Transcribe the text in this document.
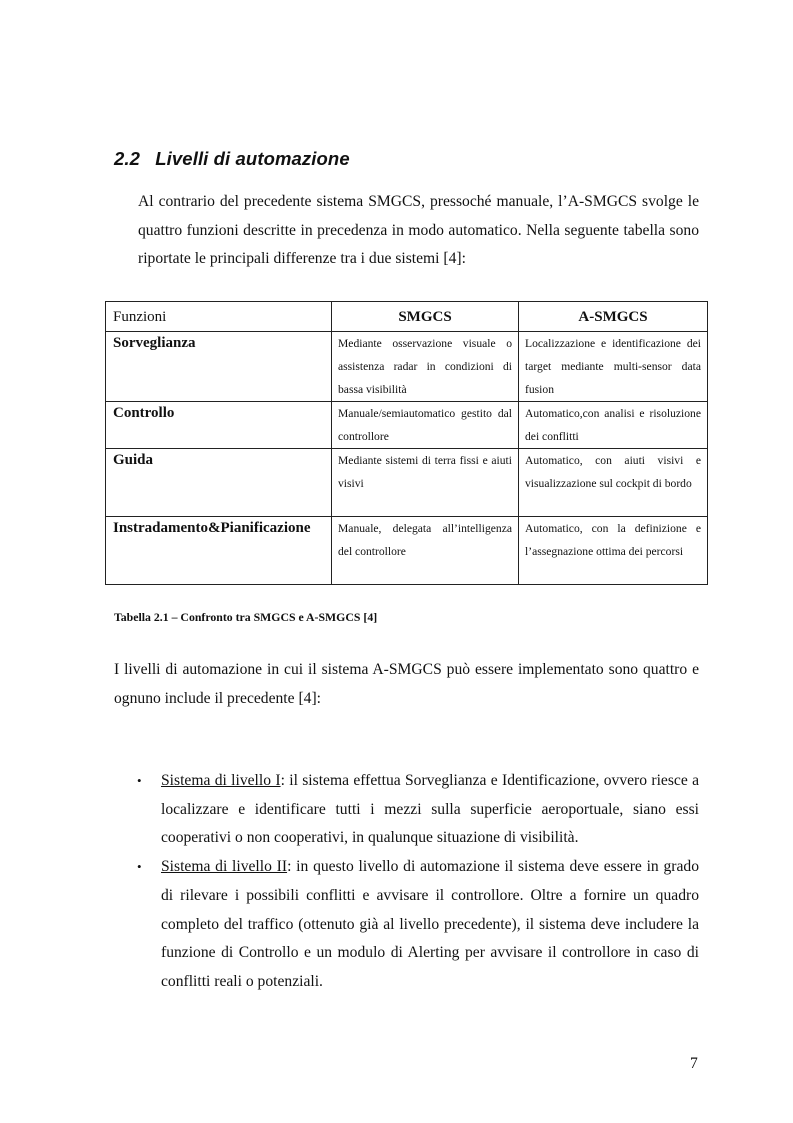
2.2 Livelli di automazione

Al contrario del precedente sistema SMGCS, pressoché manuale, l’A-SMGCS svolge le quattro funzioni descritte in precedenza in modo automatico. Nella seguente tabella sono riportate le principali differenze tra i due sistemi [4]:

Funzioni	SMGCS	A-SMGCS
Sorveglianza	Mediante osservazione visuale o assistenza radar in condizioni di bassa visibilità	Localizzazione e identificazione dei target mediante multi-sensor data fusion
Controllo	Manuale/semiautomatico gestito dal controllore	Automatico,con analisi e risoluzione dei conflitti
Guida	Mediante sistemi di terra fissi e aiuti visivi	Automatico, con aiuti visivi e visualizzazione sul cockpit di bordo
Instradamento&Pianificazione	Manuale, delegata all’intelligenza del controllore	Automatico, con la definizione e l’assegnazione ottima dei percorsi
Tabella 2.1 – Confronto tra SMGCS e A-SMGCS [4]

I livelli di automazione in cui il sistema A-SMGCS può essere implementato sono quattro e ognuno include il precedente [4]:

• Sistema di livello I: il sistema effettua Sorveglianza e Identificazione, ovvero riesce a localizzare e identificare tutti i mezzi sulla superficie aeroportuale, siano essi cooperativi o non cooperativi, in qualunque situazione di visibilità.
• Sistema di livello II: in questo livello di automazione il sistema deve essere in grado di rilevare i possibili conflitti e avvisare il controllore. Oltre a fornire un quadro completo del traffico (ottenuto già al livello precedente), il sistema deve includere la funzione di Controllo e un modulo di Alerting per avvisare il controllore in caso di conflitti reali o potenziali.
7
